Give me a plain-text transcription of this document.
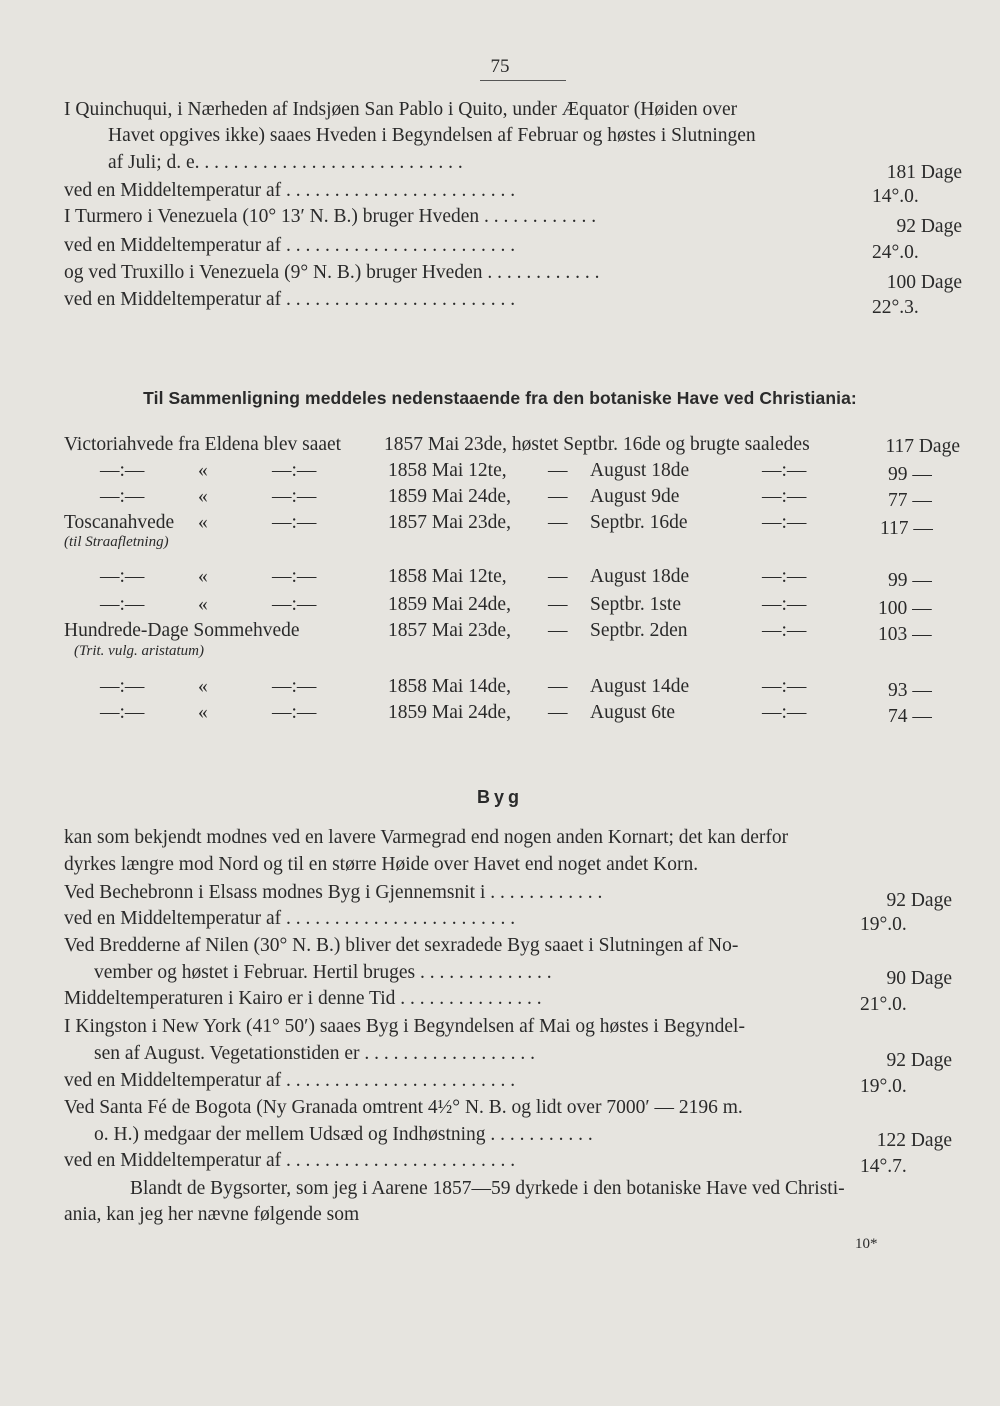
75
I Quinchuqui, i Nærheden af Indsjøen San Pablo i Quito, under Æquator (Høiden over
Havet opgives ikke) saaes Hveden i Begyndelsen af Februar og høstes i Slutningen
af Juli; d. e. . . . . . . . . . . . . . . . . . . . . . . . . . . .	181 Dage
ved en Middeltemperatur af . . . . . . . . . . . . . . . . . . . . . . . .	14°.0.
I Turmero i Venezuela (10° 13′ N. B.) bruger Hveden . . . . . . . . . . . .	92 Dage
ved en Middeltemperatur af . . . . . . . . . . . . . . . . . . . . . . . .	24°.0.
og ved Truxillo i Venezuela (9° N. B.) bruger Hveden . . . . . . . . . . . .	100 Dage
ved en Middeltemperatur af . . . . . . . . . . . . . . . . . . . . . . . .	22°.3.
Til Sammenligning meddeles nedenstaaende fra den botaniske Have ved Christiania:
Victoriahvede fra Eldena blev saaet 1857 Mai 23de, høstet Septbr. 16de og brugte saaledes	117 Dage
—:—	«	—:—	1858 Mai 12te, — August 18de	—:—	99 —
—:—	«	—:—	1859 Mai 24de, — August 9de	—:—	77 —
Toscanahvede «	—:—	1857 Mai 23de, — Septbr. 16de	—:—	117 —
(til Straafletning)
—:—	«	—:—	1858 Mai 12te, — August 18de	—:—	99 —
—:—	«	—:—	1859 Mai 24de, — Septbr. 1ste	—:—	100 —
Hundrede-Dage Sommehvede	1857 Mai 23de, — Septbr. 2den	—:—	103 —
(Trit. vulg. aristatum)
—:—	«	—:—	1858 Mai 14de, — August 14de	—:—	93 —
—:—	«	—:—	1859 Mai 24de, — August 6te	—:—	74 —
Byg
kan som bekjendt modnes ved en lavere Varmegrad end nogen anden Kornart; det kan derfor
dyrkes længre mod Nord og til en større Høide over Havet end noget andet Korn.
Ved Bechebronn i Elsass modnes Byg i Gjennemsnit i . . . . . . . . . . . .	92 Dage
ved en Middeltemperatur af . . . . . . . . . . . . . . . . . . . . . . . .	19°.0.
Ved Bredderne af Nilen (30° N. B.) bliver det sexradede Byg saaet i Slutningen af No-
vember og høstet i Februar. Hertil bruges . . . . . . . . . . . . . .	90 Dage
Middeltemperaturen i Kairo er i denne Tid . . . . . . . . . . . . . . .	21°.0.
I Kingston i New York (41° 50′) saaes Byg i Begyndelsen af Mai og høstes i Begyndel-
sen af August. Vegetationstiden er . . . . . . . . . . . . . . . . . .	92 Dage
ved en Middeltemperatur af . . . . . . . . . . . . . . . . . . . . . . . .	19°.0.
Ved Santa Fé de Bogota (Ny Granada omtrent 4½° N. B. og lidt over 7000′ — 2196 m.
o. H.) medgaar der mellem Udsæd og Indhøstning . . . . . . . . . . .	122 Dage
ved en Middeltemperatur af . . . . . . . . . . . . . . . . . . . . . . . .	14°.7.
Blandt de Bygsorter, som jeg i Aarene 1857—59 dyrkede i den botaniske Have ved Christi-
ania, kan jeg her nævne følgende som
10*
